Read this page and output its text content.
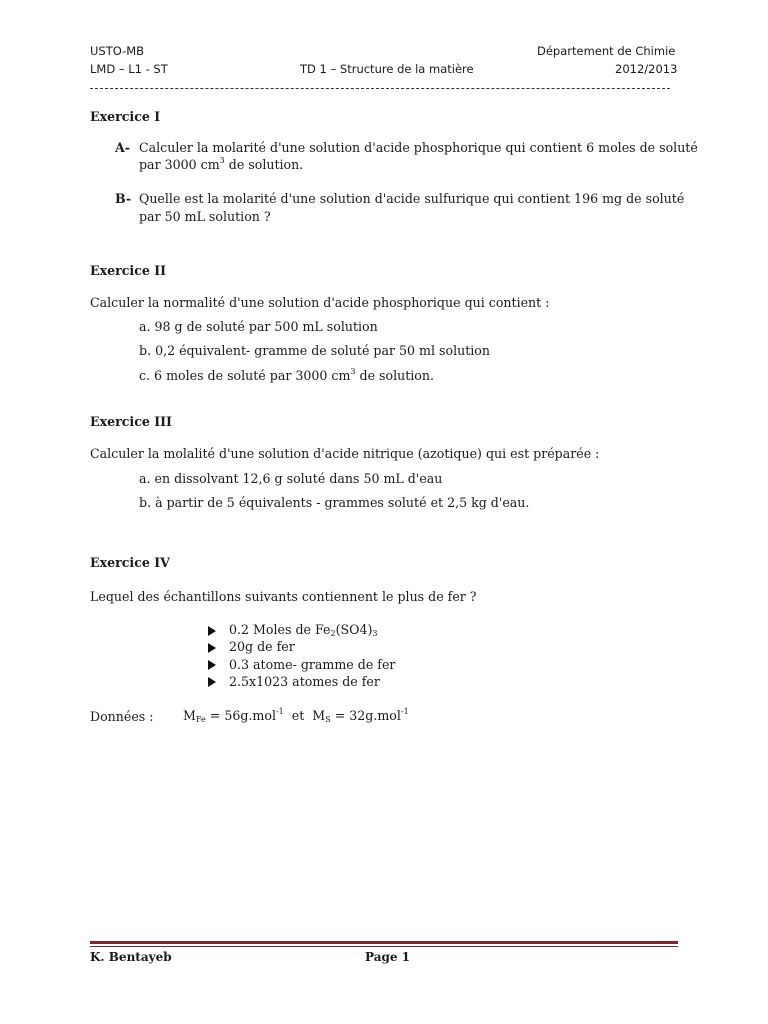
USTO-MB	Département de Chimie
LMD – L1 - ST	TD 1 – Structure de la matière	2012/2013
Exercice I
A- Calculer la molarité d'une solution d'acide phosphorique qui contient 6 moles de soluté
par 3000 $cm^3$ de solution.
B- Quelle est la molarité d'une solution d'acide sulfurique qui contient 196 mg de soluté
par 50 mL solution ?
Exercice II
Calculer la normalité d'une solution d'acide phosphorique qui contient :
a. 98 g de soluté par 500 mL solution
b. 0,2 équivalent- gramme de soluté par 50 ml solution
c. 6 moles de soluté par 3000 $cm^3$ de solution.
Exercice III
Calculer la molalité d'une solution d'acide nitrique (azotique) qui est préparée :
a. en dissolvant 12,6 g soluté dans 50 mL d'eau
b. à partir de 5 équivalents - grammes soluté et 2,5 kg d'eau.
Exercice IV
Lequel des échantillons suivants contiennent le plus de fer ?
0.2 Moles de $Fe_2(SO4)_3$
20g de fer
0.3 atome- gramme de fer
2.5x1023 atomes de fer
Données : $M_{Fe} = 56g.mol^{-1}$  et  $M_S = 32g.mol^{-1}$
K. Bentayeb	Page 1
